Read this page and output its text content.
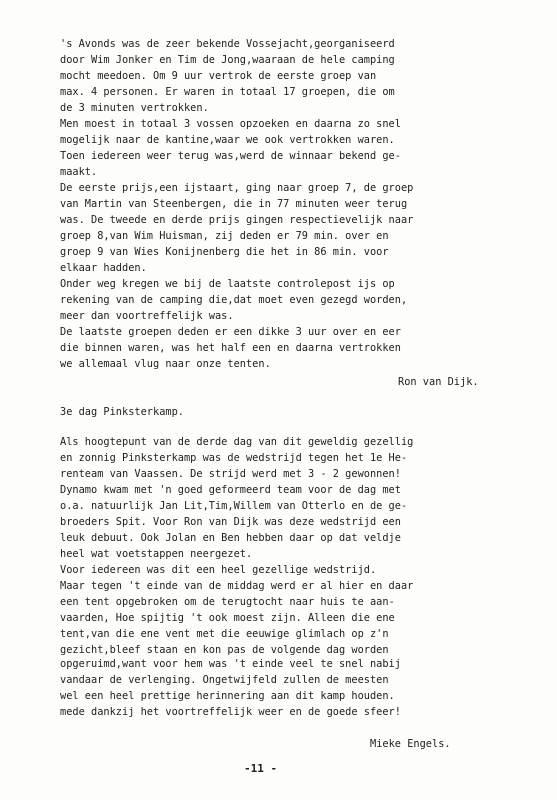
's Avonds was de zeer bekende Vossejacht,georganiseerd
door Wim Jonker en Tim de Jong,waaraan de hele camping
mocht meedoen. Om 9 uur vertrok de eerste groep van
max. 4 personen. Er waren in totaal 17 groepen, die om
de 3 minuten vertrokken.
Men moest in totaal 3 vossen opzoeken en daarna zo snel
mogelijk naar de kantine,waar we ook vertrokken waren.
Toen iedereen weer terug was,werd de winnaar bekend ge-
maakt.
De eerste prijs,een ijstaart, ging naar groep 7, de groep
van Martin van Steenbergen, die in 77 minuten weer terug
was. De tweede en derde prijs gingen respectievelijk naar
groep 8,van Wim Huisman, zij deden er 79 min. over en
groep 9 van Wies Konijnenberg die het in 86 min. voor
elkaar hadden.
Onder weg kregen we bij de laatste controlepost ijs op
rekening van de camping die,dat moet even gezegd worden,
meer dan voortreffelijk was.
De laatste groepen deden er een dikke 3 uur over en eer
die binnen waren, was het half een en daarna vertrokken
we allemaal vlug naar onze tenten.
Ron van Dijk.
3e dag Pinksterkamp.
Als hoogtepunt van de derde dag van dit geweldig gezellig
en zonnig Pinksterkamp was de wedstrijd tegen het 1e He-
renteam van Vaassen. De strijd werd met 3 - 2 gewonnen!
Dynamo kwam met 'n goed geformeerd team voor de dag met
o.a. natuurlijk Jan Lit,Tim,Willem van Otterlo en de ge-
broeders Spit. Voor Ron van Dijk was deze wedstrijd een
leuk debuut. Ook Jolan en Ben hebben daar op dat veldje
heel wat voetstappen neergezet.
Voor iedereen was dit een heel gezellige wedstrijd.
Maar tegen 't einde van de middag werd er al hier en daar
een tent opgebroken om de terugtocht naar huis te aan-
vaarden, Hoe spijtig 't ook moest zijn. Alleen die ene
tent,van die ene vent met die eeuwige glimlach op z'n
gezicht,bleef staan en kon pas de volgende dag worden
opgeruimd,want voor hem was 't einde veel te snel nabij
vandaar de verlenging. Ongetwijfeld zullen de meesten
wel een heel prettige herinnering aan dit kamp houden.
mede dankzij het voortreffelijk weer en de goede sfeer!
Mieke Engels.
-11 -
